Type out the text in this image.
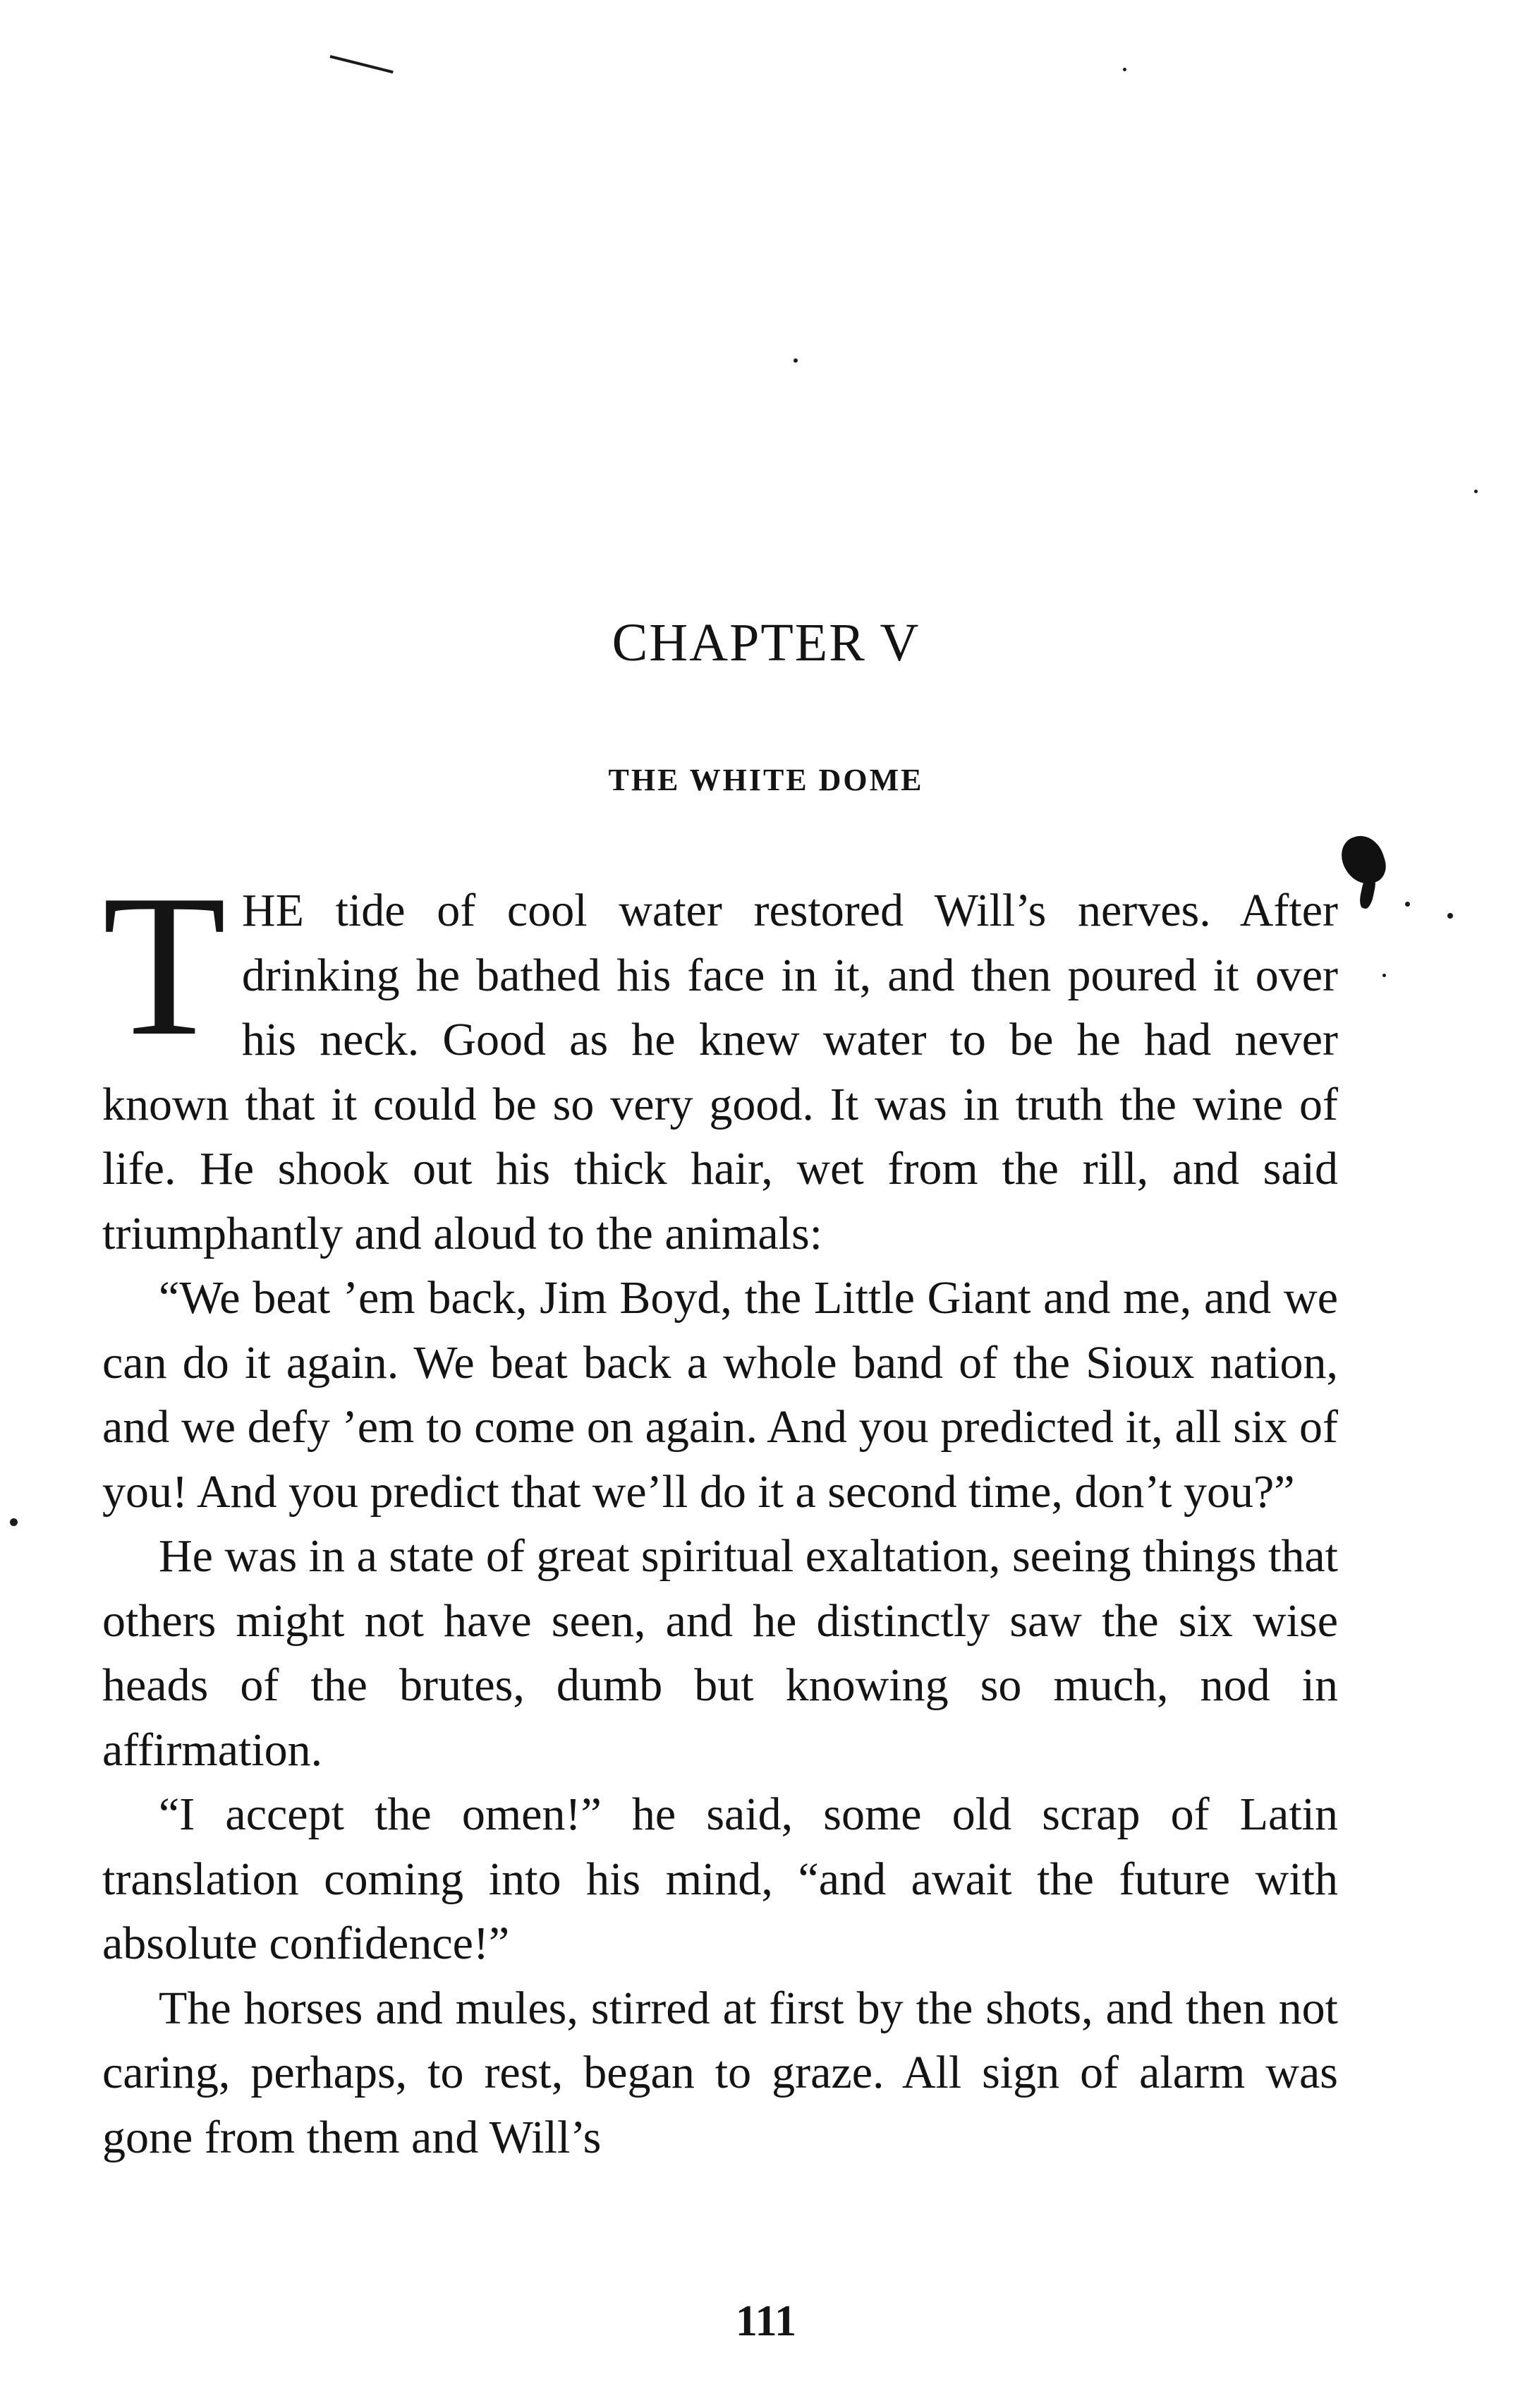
CHAPTER V
THE WHITE DOME

THE tide of cool water restored Will’s nerves. After drinking he bathed his face in it, and then poured it over his neck. Good as he knew water to be he had never known that it could be so very good. It was in truth the wine of life. He shook out his thick hair, wet from the rill, and said triumphantly and aloud to the animals:

“We beat ’em back, Jim Boyd, the Little Giant and me, and we can do it again. We beat back a whole band of the Sioux nation, and we defy ’em to come on again. And you predicted it, all six of you! And you predict that we’ll do it a second time, don’t you?”

He was in a state of great spiritual exaltation, seeing things that others might not have seen, and he distinctly saw the six wise heads of the brutes, dumb but knowing so much, nod in affirmation.

“I accept the omen!” he said, some old scrap of Latin translation coming into his mind, “and await the future with absolute confidence!”

The horses and mules, stirred at first by the shots, and then not caring, perhaps, to rest, began to graze. All sign of alarm was gone from them and Will’s

111
